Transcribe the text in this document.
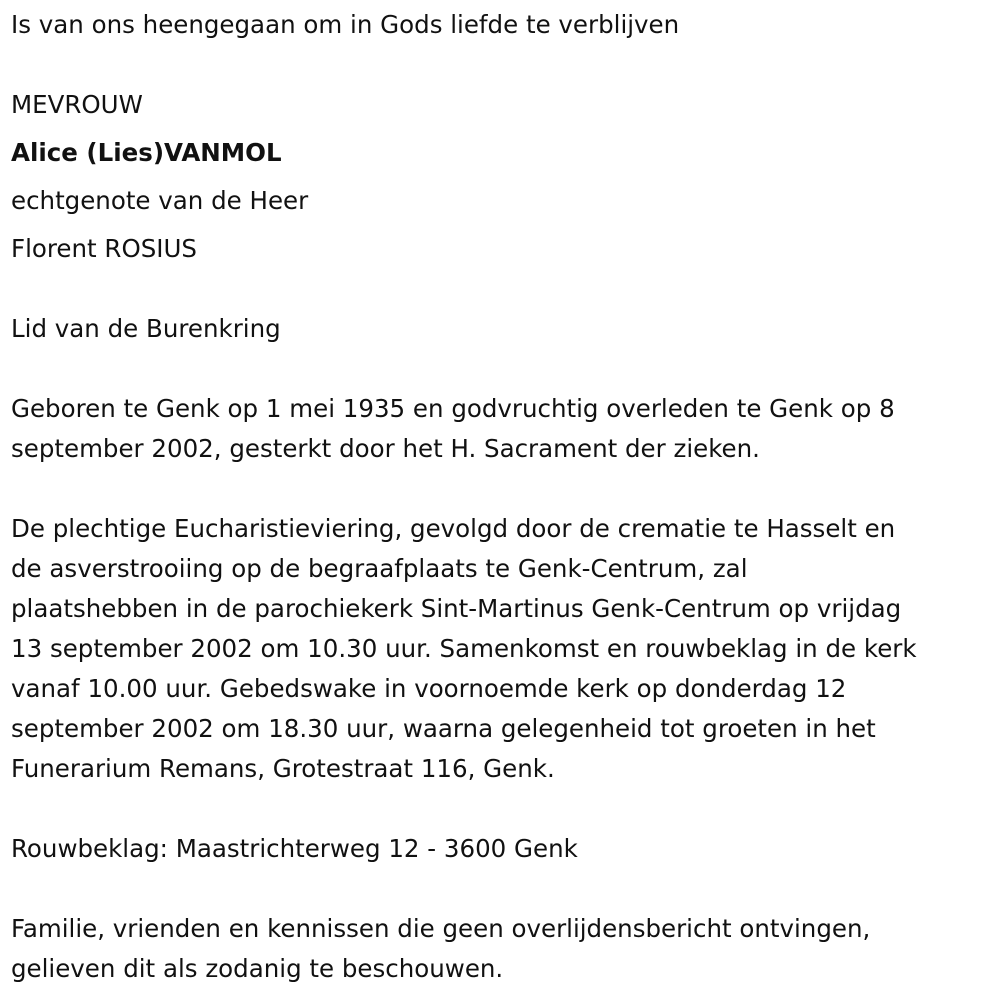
Is van ons heengegaan om in Gods liefde te verblijven
MEVROUW
Alice (Lies)VANMOL
echtgenote van de Heer
Florent ROSIUS
Lid van de Burenkring
Geboren te Genk op 1 mei 1935 en godvruchtig overleden te Genk op 8
september 2002, gesterkt door het H. Sacrament der zieken.
De plechtige Eucharistieviering, gevolgd door de crematie te Hasselt en
de asverstrooiing op de begraafplaats te Genk-Centrum, zal
plaatshebben in de parochiekerk Sint-Martinus Genk-Centrum op vrijdag
13 september 2002 om 10.30 uur. Samenkomst en rouwbeklag in de kerk
vanaf 10.00 uur. Gebedswake in voornoemde kerk op donderdag 12
september 2002 om 18.30 uur, waarna gelegenheid tot groeten in het
Funerarium Remans, Grotestraat 116, Genk.
Rouwbeklag: Maastrichterweg 12 - 3600 Genk
Familie, vrienden en kennissen die geen overlijdensbericht ontvingen,
gelieven dit als zodanig te beschouwen.
